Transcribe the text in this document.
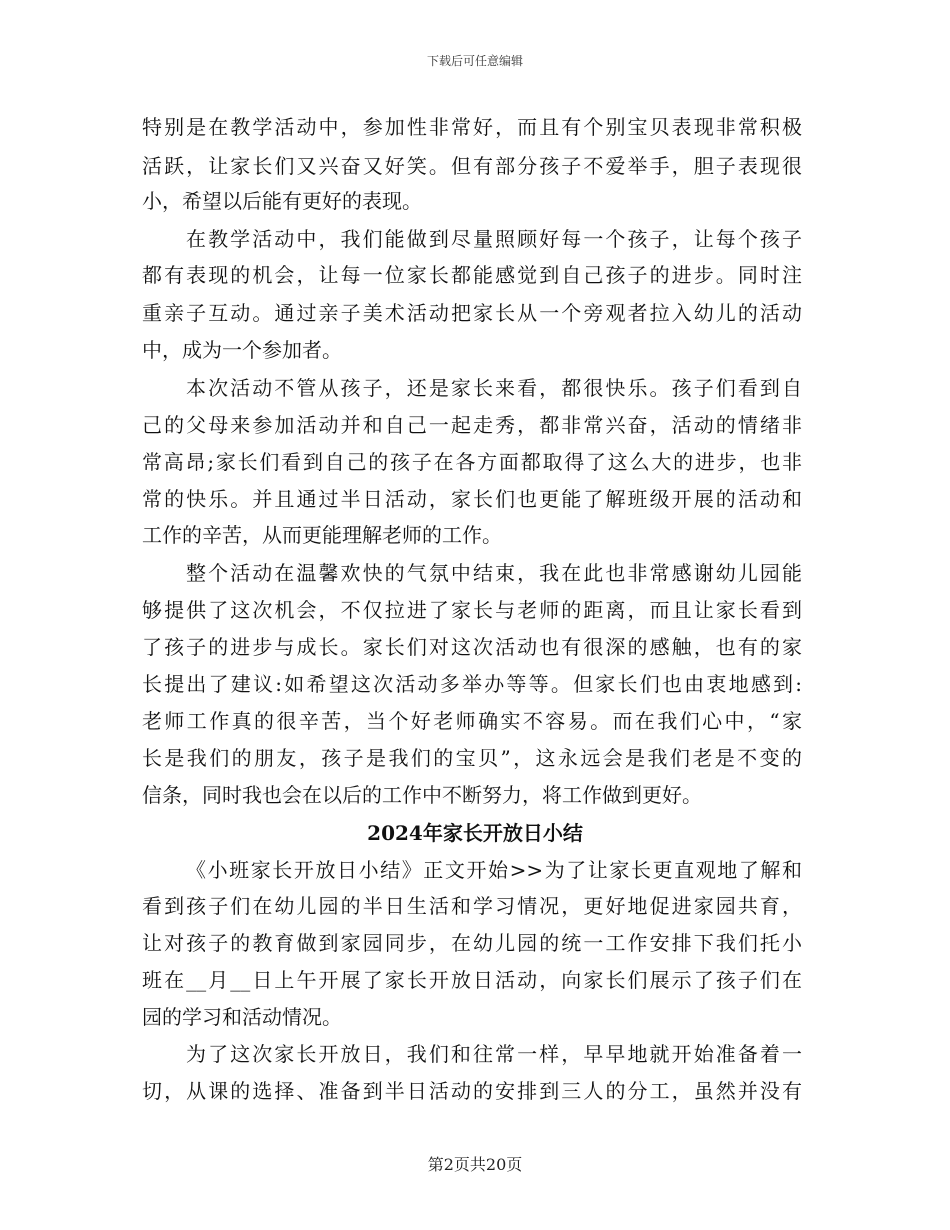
下载后可任意编辑
特别是在教学活动中，参加性非常好，而且有个别宝贝表现非常积极
活跃，让家长们又兴奋又好笑。但有部分孩子不爱举手，胆子表现很
小，希望以后能有更好的表现。
在教学活动中，我们能做到尽量照顾好每一个孩子，让每个孩子
都有表现的机会，让每一位家长都能感觉到自己孩子的进步。同时注
重亲子互动。通过亲子美术活动把家长从一个旁观者拉入幼儿的活动
中，成为一个参加者。
本次活动不管从孩子，还是家长来看，都很快乐。孩子们看到自
己的父母来参加活动并和自己一起走秀，都非常兴奋，活动的情绪非
常高昂;家长们看到自己的孩子在各方面都取得了这么大的进步，也非
常的快乐。并且通过半日活动，家长们也更能了解班级开展的活动和
工作的辛苦，从而更能理解老师的工作。
整个活动在温馨欢快的气氛中结束，我在此也非常感谢幼儿园能
够提供了这次机会，不仅拉进了家长与老师的距离，而且让家长看到
了孩子的进步与成长。家长们对这次活动也有很深的感触，也有的家
长提出了建议:如希望这次活动多举办等等。但家长们也由衷地感到:
老师工作真的很辛苦，当个好老师确实不容易。而在我们心中，“家
长是我们的朋友，孩子是我们的宝贝”，这永远会是我们老是不变的
信条，同时我也会在以后的工作中不断努力，将工作做到更好。
2024年家长开放日小结
《小班家长开放日小结》正文开始>>为了让家长更直观地了解和
看到孩子们在幼儿园的半日生活和学习情况，更好地促进家园共育，
让对孩子的教育做到家园同步，在幼儿园的统一工作安排下我们托小
班在__月__日上午开展了家长开放日活动，向家长们展示了孩子们在
园的学习和活动情况。
为了这次家长开放日，我们和往常一样，早早地就开始准备着一
切，从课的选择、准备到半日活动的安排到三人的分工，虽然并没有
第2页共20页
